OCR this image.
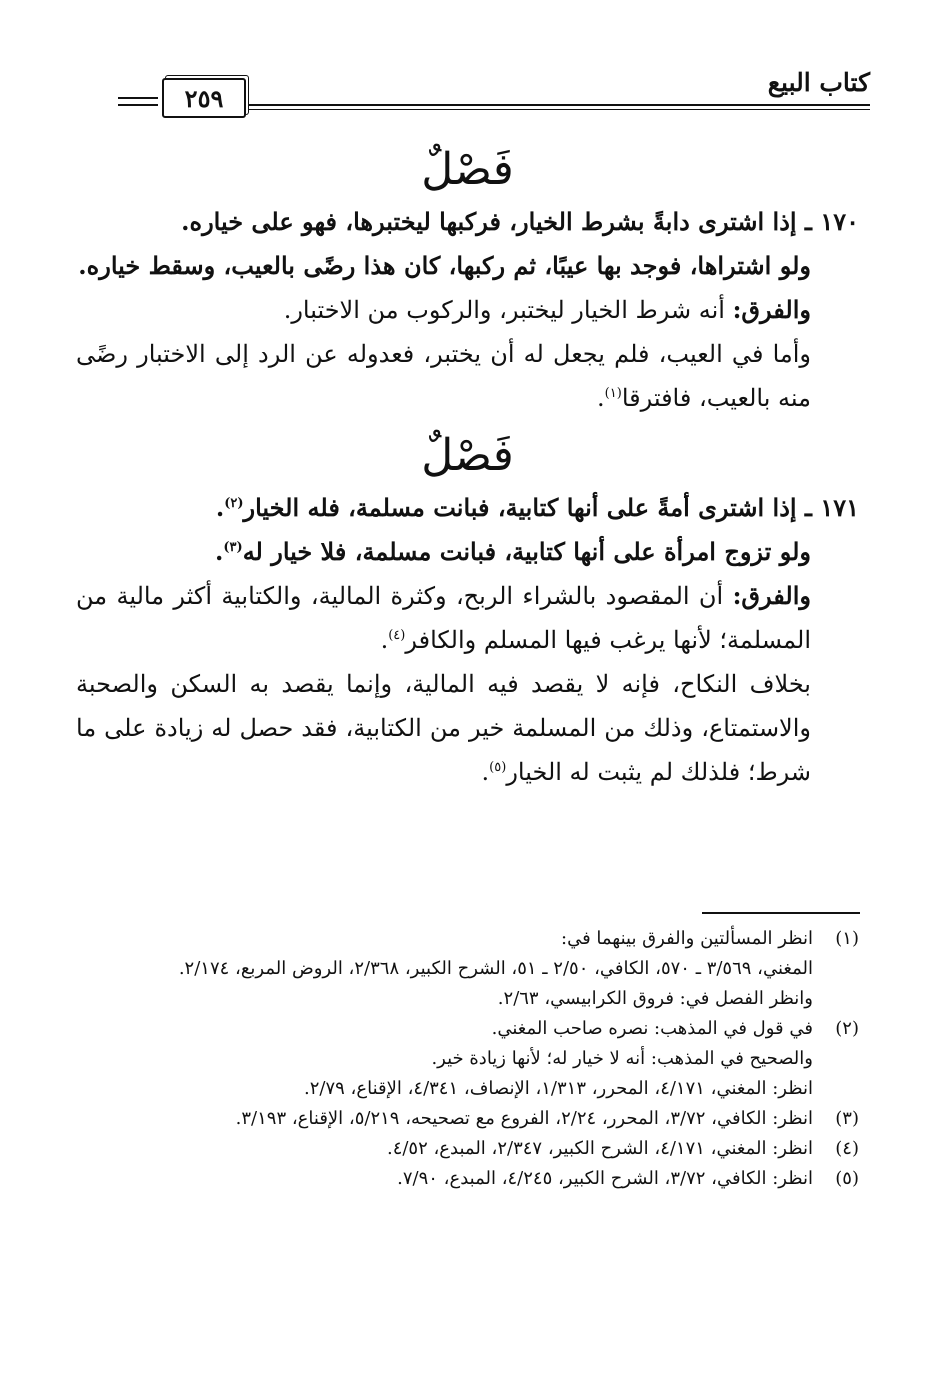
كتاب البيع
٢٥٩
فَصْلٌ

١٧٠ ـ إذا اشترى دابةً بشرط الخيار، فركبها ليختبرها، فهو على خياره.

ولو اشتراها، فوجد بها عيبًا، ثم ركبها، كان هذا رضًى بالعيب، وسقط خياره.

والفرق: أنه شرط الخيار ليختبر، والركوب من الاختبار.

وأما في العيب، فلم يجعل له أن يختبر، فعدوله عن الرد إلى الاختبار رضًى منه بالعيب، فافترقا$^{(١)}$.

فَصْلٌ

١٧١ ـ إذا اشترى أمةً على أنها كتابية، فبانت مسلمة، فله الخيار$^{(٢)}$.

ولو تزوج امرأة على أنها كتابية، فبانت مسلمة، فلا خيار له$^{(٣)}$.

والفرق: أن المقصود بالشراء الربح، وكثرة المالية، والكتابية أكثر مالية من المسلمة؛ لأنها يرغب فيها المسلم والكافر$^{(٤)}$.

بخلاف النكاح، فإنه لا يقصد فيه المالية، وإنما يقصد به السكن والصحبة والاستمتاع، وذلك من المسلمة خير من الكتابية، فقد حصل له زيادة على ما شرط؛ فلذلك لم يثبت له الخيار$^{(٥)}$.

(١)
انظر المسألتين والفرق بينهما في:
المغني، ٣/٥٦٩ ـ ٥٧٠، الكافي، ٢/٥٠ ـ ٥١، الشرح الكبير، ٢/٣٦٨، الروض المربع، ٢/١٧٤.
وانظر الفصل في: فروق الكرابيسي، ٢/٦٣.
(٢)
في قول في المذهب: نصره صاحب المغني.
والصحيح في المذهب: أنه لا خيار له؛ لأنها زيادة خير.
انظر: المغني، ٤/١٧١، المحرر، ١/٣١٣، الإنصاف، ٤/٣٤١، الإقناع، ٢/٧٩.
(٣)
انظر: الكافي، ٣/٧٢، المحرر، ٢/٢٤، الفروع مع تصحيحه، ٥/٢١٩، الإقناع، ٣/١٩٣.
(٤)
انظر: المغني، ٤/١٧١، الشرح الكبير، ٢/٣٤٧، المبدع، ٤/٥٢.
(٥)
انظر: الكافي، ٣/٧٢، الشرح الكبير، ٤/٢٤٥، المبدع، ٧/٩٠.
